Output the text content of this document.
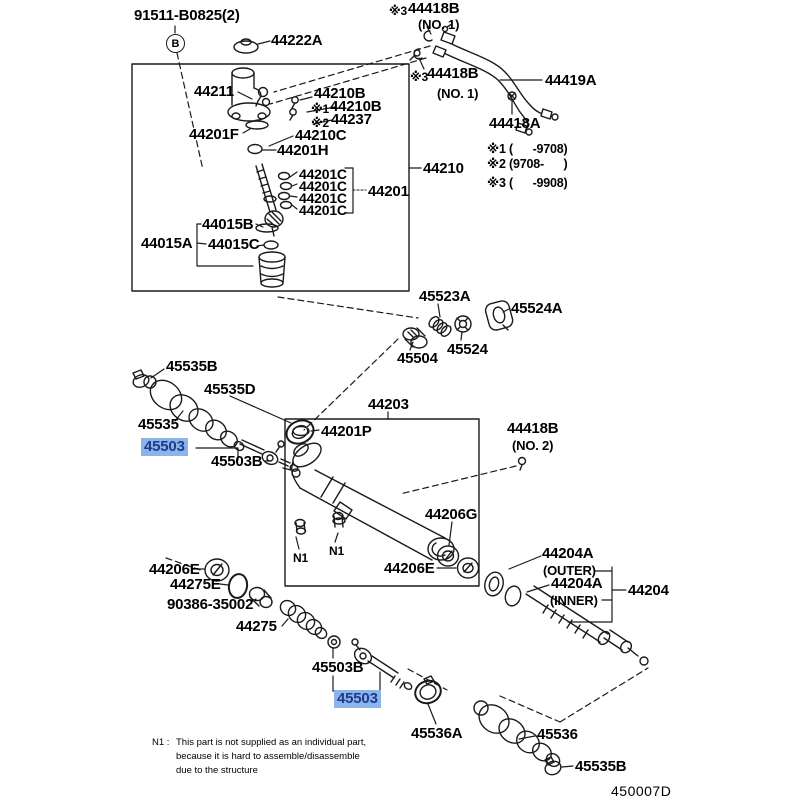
91511-B0825(2)
B	44222A
44211	44210B
※1 44210B
※2 44237
44201F	44210C
44201H
44201C
44201C
44201C
44201C
44201
44210
44015B
44015A 44015C
※3 44418B
(NO. 1)
※3 44418B
(NO. 1)
44419A
44418A
※1 (      -9708)
※2 (9708-      )
※3 (      -9908)
45523A
45524A
45504
45524
45535B
45535D
45535
45503
45503B
44203
44201P	44418B
(NO. 2)
44206G
N1 N1
44206E
44206E
44275E
90386-35002
44275
44204A
(OUTER)
44204A
(INNER)
44204
45503B
45503
45536A	45536
45535B
N1 : This part is not supplied as an individual part,
because it is hard to assemble/disassemble
due to the structure
450007D
